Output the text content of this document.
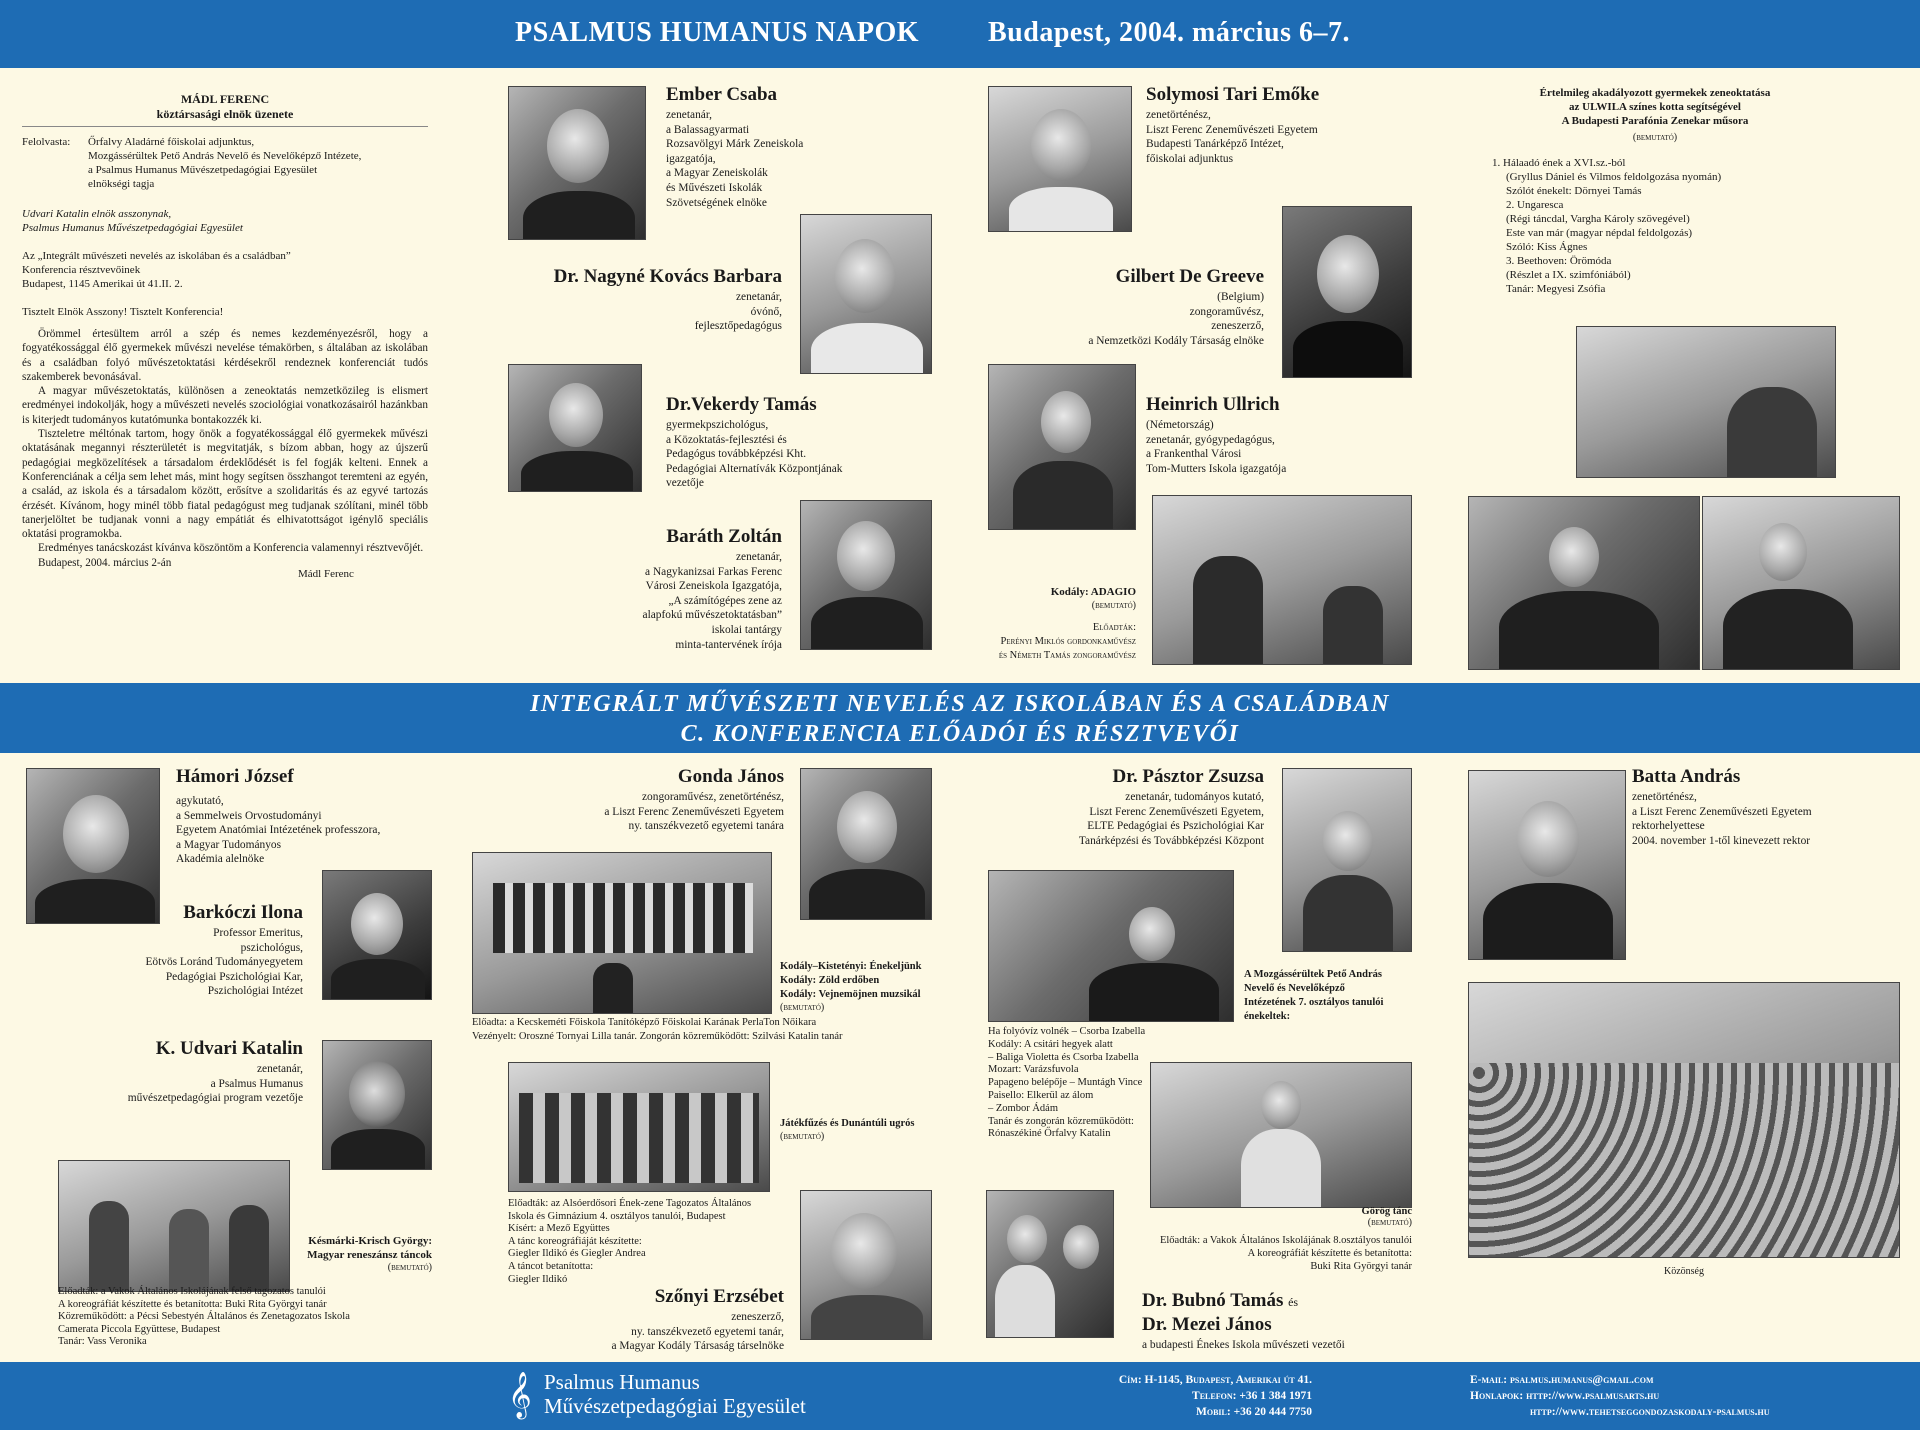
PSALMUS HUMANUS NAPOK Budapest, 2004. március 6–7.
MÁDL FERENC
köztársasági elnök üzenete
Felolvasta:	Őrfalvy Aladárné főiskolai adjunktus,
Mozgássérültek Pető András Nevelő és Nevelőképző Intézete,
a Psalmus Humanus Művészetpedagógiai Egyesület
elnökségi tagja
Udvari Katalin elnök asszonynak,
Psalmus Humanus Művészetpedagógiai Egyesület
Az „Integrált művészeti nevelés az iskolában és a családban”
Konferencia résztvevőinek
Budapest, 1145 Amerikai út 41.II. 2.
Tisztelt Elnök Asszony! Tisztelt Konferencia!

Örömmel értesültem arról a szép és nemes kezdeményezésről, hogy a fogyatékossággal élő gyermekek művészi nevelése témakörben, s általában az iskolában és a családban folyó művészetoktatási kérdésekről rendeznek konferenciát tudós szakemberek bevonásával.

A magyar művészetoktatás, különösen a zeneoktatás nemzetközileg is elismert eredményei indokolják, hogy a művészeti nevelés szociológiai vonatkozásairól hazánkban is kiterjedt tudományos kutatómunka bontakozzék ki.

Tiszteletre méltónak tartom, hogy önök a fogyatékossággal élő gyermekek művészi oktatásának megannyi részterületét is megvitatják, s bízom abban, hogy az újszerű pedagógiai megközelítések a társadalom érdeklődését is fel fogják kelteni. Ennek a Konferenciának a célja sem lehet más, mint hogy segítsen összhangot teremteni az egyén, a család, az iskola és a társadalom között, erősítve a szolidaritás és az egyvé tartozás érzését. Kívánom, hogy minél több fiatal pedagógust meg tudjanak szólítani, minél több tanerjelöltet be tudjanak vonni a nagy empátiát és elhivatottságot igénylő speciális oktatási programokba.

Eredményes tanácskozást kívánva köszöntöm a Konferencia valamennyi résztvevőjét.

Budapest, 2004. március 2-án

Mádl Ferenc
Ember Csaba
zenetanár,
a Balassagyarmati
Rozsavölgyi Márk Zeneiskola
igazgatója,
a Magyar Zeneiskolák
és Művészeti Iskolák
Szövetségének elnöke
Dr. Nagyné Kovács Barbara
zenetanár,
óvónő,
fejlesztőpedagógus
Dr.Vekerdy Tamás
gyermekpszichológus,
a Közoktatás-fejlesztési és
Pedagógus továbbképzési Kht.
Pedagógiai Alternatívák Központjának
vezetője
Baráth Zoltán
zenetanár,
a Nagykanizsai Farkas Ferenc
Városi Zeneiskola Igazgatója,
„A számítógépes zene az
alapfokú művészetoktatásban”
iskolai tantárgy
minta-tantervének írója
Solymosi Tari Emőke
zenetörténész,
Liszt Ferenc Zeneművészeti Egyetem
Budapesti Tanárképző Intézet,
főiskolai adjunktus
Gilbert De Greeve
(Belgium)
zongoraművész,
zeneszerző,
a Nemzetközi Kodály Társaság elnöke
Heinrich Ullrich
(Németország)
zenetanár, gyógypedagógus,
a Frankenthal Városi
Tom-Mutters Iskola igazgatója
Kodály: ADAGIO
(bemutató)
Előadták:
Perényi Miklós gordonkaművész
és Németh Tamás zongoraművész
Értelmileg akadályozott gyermekek zeneoktatása
az ULWILA színes kotta segítségével
A Budapesti Parafónia Zenekar műsora
(bemutató)
1. Hálaadó ének a XVI.sz.-ból
(Gryllus Dániel és Vilmos feldolgozása nyomán)
Szólót énekelt: Dörnyei Tamás
2. Ungaresca
(Régi táncdal, Vargha Károly szövegével)
Este van már (magyar népdal feldolgozás)
Szóló: Kiss Ágnes
3. Beethoven: Örömóda
(Részlet a IX. szimfóniából)
Tanár: Megyesi Zsófia
INTEGRÁLT MŰVÉSZETI NEVELÉS AZ ISKOLÁBAN ÉS A CSALÁDBAN
C. KONFERENCIA ELŐADÓI ÉS RÉSZTVEVŐI
Hámori József
agykutató,
a Semmelweis Orvostudományi
Egyetem Anatómiai Intézetének professzora,
a Magyar Tudományos
Akadémia alelnöke
Barkóczi Ilona
Professor Emeritus,
pszichológus,
Eötvös Loránd Tudományegyetem
Pedagógiai Pszichológiai Kar,
Pszichológiai Intézet
K. Udvari Katalin
zenetanár,
a Psalmus Humanus
művészetpedagógiai program vezetője
Késmárki-Krisch György:
Magyar reneszánsz táncok
(bemutató)
Előadták: a Vakok Általános Iskolájának felső tagozatos tanulói
A koreográfiát készítette és betanította: Buki Rita Györgyi tanár
Közreműködött: a Pécsi Sebestyén Általános és Zenetagozatos Iskola
Camerata Piccola Együttese, Budapest
Tanár: Vass Veronika
Gonda János
zongoraművész, zenetörténész,
a Liszt Ferenc Zeneművészeti Egyetem
ny. tanszékvezető egyetemi tanára
Kodály–Kistetényi: Énekeljünk
Kodály: Zöld erdőben
Kodály: Vejnemöjnen muzsikál
(bemutató)
Előadta: a Kecskeméti Főiskola Tanítóképző Főiskolai Karának PerlaTon Nőikara
Vezényelt: Oroszné Tornyai Lilla tanár. Zongorán közreműködött: Szilvási Katalin tanár
Játékfűzés és Dunántúli ugrós
(bemutató)
Előadták: az Alsóerdősori Ének-zene Tagozatos Általános
Iskola és Gimnázium 4. osztályos tanulói, Budapest
Kísért: a Mező Együttes
A tánc koreográfiáját készítette:
Giegler Ildikó és Giegler Andrea
A táncot betanította:
Giegler Ildikó
Szőnyi Erzsébet
zeneszerző,
ny. tanszékvezető egyetemi tanár,
a Magyar Kodály Társaság társelnöke
Dr. Pásztor Zsuzsa
zenetanár, tudományos kutató,
Liszt Ferenc Zeneművészeti Egyetem,
ELTE Pedagógiai és Pszichológiai Kar
Tanárképzési és Továbbképzési Központ
A Mozgássérültek Pető András
Nevelő és Nevelőképző
Intézetének 7. osztályos tanulói
énekeltek:
Ha folyóvíz volnék – Csorba Izabella
Kodály: A csitári hegyek alatt
– Baliga Violetta és Csorba Izabella
Mozart: Varázsfuvola
Papageno belépője – Muntágh Vince
Paisello: Elkerül az álom
– Zombor Ádám
Tanár és zongorán közreműködött:
Rónaszékiné Őrfalvy Katalin
Görög tánc
(bemutató)
Előadták: a Vakok Általános Iskolájának 8.osztályos tanulói
A koreográfiát készítette és betanította:
Buki Rita Györgyi tanár
Dr. Bubnó Tamás és
Dr. Mezei János
a budapesti Énekes Iskola művészeti vezetői
Batta András
zenetörténész,
a Liszt Ferenc Zeneművészeti Egyetem
rektorhelyettese
2004. november 1-től kinevezett rektor
Közönség
𝄞 Psalmus Humanus
Művészetpedagógiai Egyesület
Cím: H-1145, Budapest, Amerikai út 41.
Telefon: +36 1 384 1971
Mobil: +36 20 444 7750
E-mail: psalmus.humanus@gmail.com
Honlapok: http://www.psalmusarts.hu
http://www.tehetseggondozaskodaly-psalmus.hu
